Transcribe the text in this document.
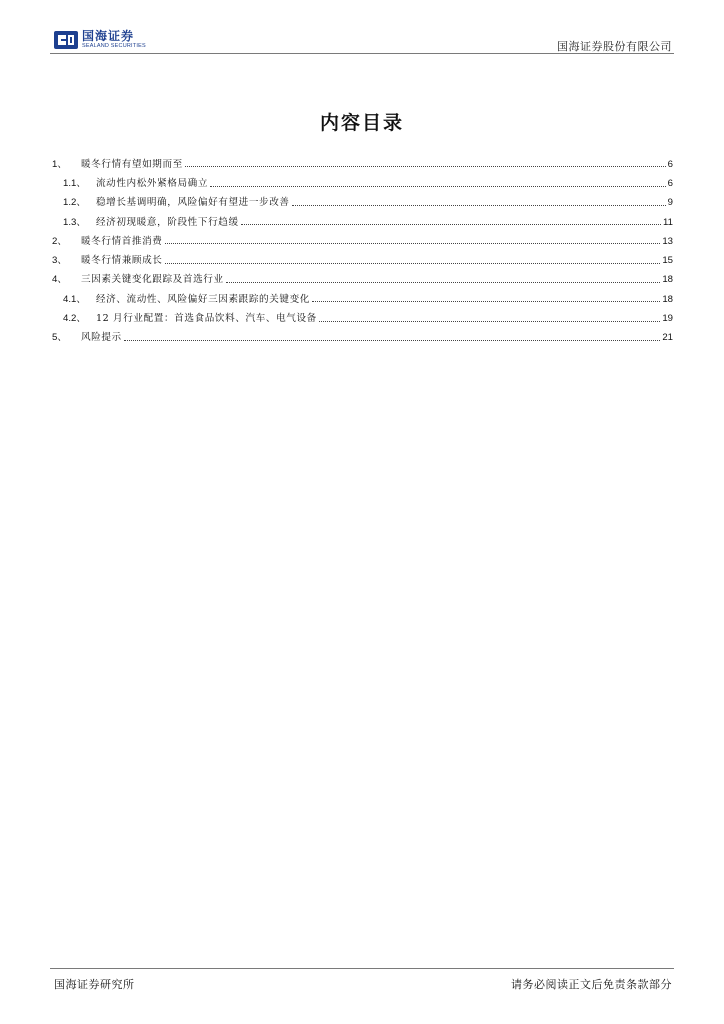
国海证券
SEALAND SECURITIES	国海证券股份有限公司
内容目录
1、 暖冬行情有望如期而至	6
1.1、 流动性内松外紧格局确立	6
1.2、 稳增长基调明确，风险偏好有望进一步改善	9
1.3、 经济初现暖意，阶段性下行趋缓	11
2、 暖冬行情首推消费	13
3、 暖冬行情兼顾成长	15
4、 三因素关键变化跟踪及首选行业	18
4.1、 经济、流动性、风险偏好三因素跟踪的关键变化	18
4.2、 12 月行业配置：首选食品饮料、汽车、电气设备	19
5、 风险提示	21
国海证券研究所	请务必阅读正文后免责条款部分
